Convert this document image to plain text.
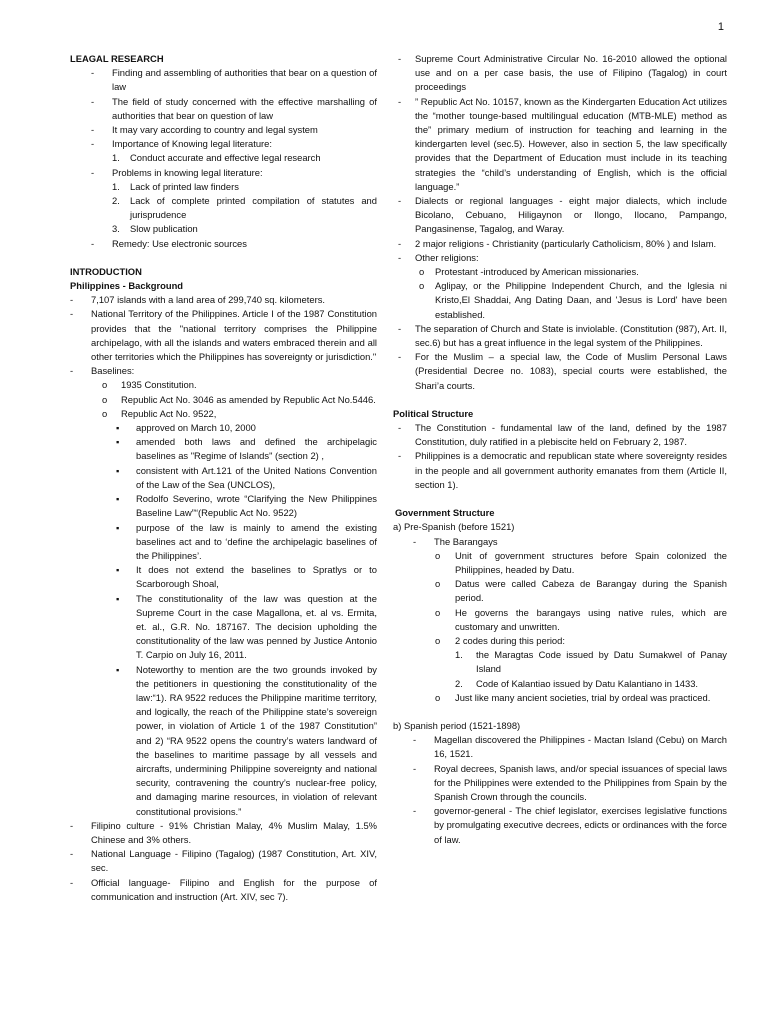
1
LEAGAL RESEARCH
- Finding and assembling of authorities that bear on a question of law
- The field of study concerned with the effective marshalling of authorities that bear on question of law
- It may vary according to country and legal system
- Importance of Knowing legal literature:
1. Conduct accurate and effective legal research
- Problems in knowing legal literature:
1. Lack of printed law finders
2. Lack of complete printed compilation of statutes and jurisprudence
3. Slow publication
- Remedy: Use electronic sources
INTRODUCTION
Philippines - Background
- 7,107 islands with a land area of 299,740 sq. kilometers.
- National Territory of the Philippines. Article I of the 1987 Constitution provides that the "national territory comprises the Philippine archipelago, with all the islands and waters embraced therein and all other territories which the Philippines has sovereignty or jurisdiction."
- Baselines:
o 1935 Constitution.
o Republic Act No. 3046 as amended by Republic Act No.5446.
o Republic Act No. 9522,
▪ approved on March 10, 2000
▪ amended both laws and defined the archipelagic baselines as "Regime of Islands" (section 2) ,
▪ consistent with Art.121 of the United Nations Convention of the Law of the Sea (UNCLOS),
▪ Rodolfo Severino, wrote “Clarifying the New Philippines Baseline Law”“(Republic Act No. 9522)
▪ purpose of the law is mainly to amend the existing baselines act and to ‘define the archipelagic baselines of the Philippines’.
▪ It does not extend the baselines to Spratlys or to Scarborough Shoal,
▪ The constitutionality of the law was question at the Supreme Court in the case Magallona, et. al vs. Ermita, et. al., G.R. No. 187167. The decision upholding the constitutionality of the law was penned by Justice Antonio T. Carpio on July 16, 2011.
▪ Noteworthy to mention are the two grounds invoked by the petitioners in questioning the constitutionality of the law:“1). RA 9522 reduces the Philippine maritime territory, and logically, the reach of the Philippine state’s sovereign power, in violation of Article 1 of the 1987 Constitution” and 2) “RA 9522 opens the country’s waters landward of the baselines to maritime passage by all vessels and aircrafts, undermining Philippine sovereignty and national security, contravening the country’s nuclear-free policy, and damaging marine resources, in violation of relevant constitutional provisions.”
- Filipino culture - 91% Christian Malay, 4% Muslim Malay, 1.5% Chinese and 3% others.
- National Language - Filipino (Tagalog) (1987 Constitution, Art. XIV, sec.
- Official language- Filipino and English for the purpose of communication and instruction (Art. XIV, sec 7).
- Supreme Court Administrative Circular No. 16-2010 allowed the optional use and on a per case basis, the use of Filipino (Tagalog) in court proceedings
- ” Republic Act No. 10157, known as the Kindergarten Education Act utilizes the “mother tounge-based multilingual education (MTB-MLE) method as the” primary medium of instruction for teaching and learning in the kindergarten level (sec.5). However, also in section 5, the law specifically provides that the Department of Education must include in its teaching strategies the “child’s understanding of English, which is the official language.”
- Dialects or regional languages - eight major dialects, which include Bicolano, Cebuano, Hiligaynon or Ilongo, Ilocano, Pampango, Pangasinense, Tagalog, and Waray.
- 2 major religions - Christianity (particularly Catholicism, 80% ) and Islam.
- Other religions:
o Protestant -introduced by American missionaries.
o Aglipay, or the Philippine Independent Church, and the Iglesia ni Kristo,El Shaddai, Ang Dating Daan, and 'Jesus is Lord' have been established.
- The separation of Church and State is inviolable. (Constitution (987), Art. II, sec.6) but has a great influence in the legal system of the Philippines.
- For the Muslim – a special law, the Code of Muslim Personal Laws (Presidential Decree no. 1083), special courts were established, the Shari’a courts.
Political Structure
- The Constitution - fundamental law of the land, defined by the 1987 Constitution, duly ratified in a plebiscite held on February 2, 1987.
- Philippines is a democratic and republican state where sovereignty resides in the people and all government authority emanates from them (Article II, section 1).
Government Structure
a) Pre-Spanish (before 1521)
- The Barangays
o Unit of government structures before Spain colonized the Philippines, headed by Datu.
o Datus were called Cabeza de Barangay during the Spanish period.
o He governs the barangays using native rules, which are customary and unwritten.
o 2 codes during this period:
1. the Maragtas Code issued by Datu Sumakwel of Panay Island
2. Code of Kalantiao issued by Datu Kalantiano in 1433.
o Just like many ancient societies, trial by ordeal was practiced.
b) Spanish period (1521-1898)
- Magellan discovered the Philippines - Mactan Island (Cebu) on March 16, 1521.
- Royal decrees, Spanish laws, and/or special issuances of special laws for the Philippines were extended to the Philippines from Spain by the Spanish Crown through the councils.
- governor-general - The chief legislator, exercises legislative functions by promulgating executive decrees, edicts or ordinances with the force of law.
